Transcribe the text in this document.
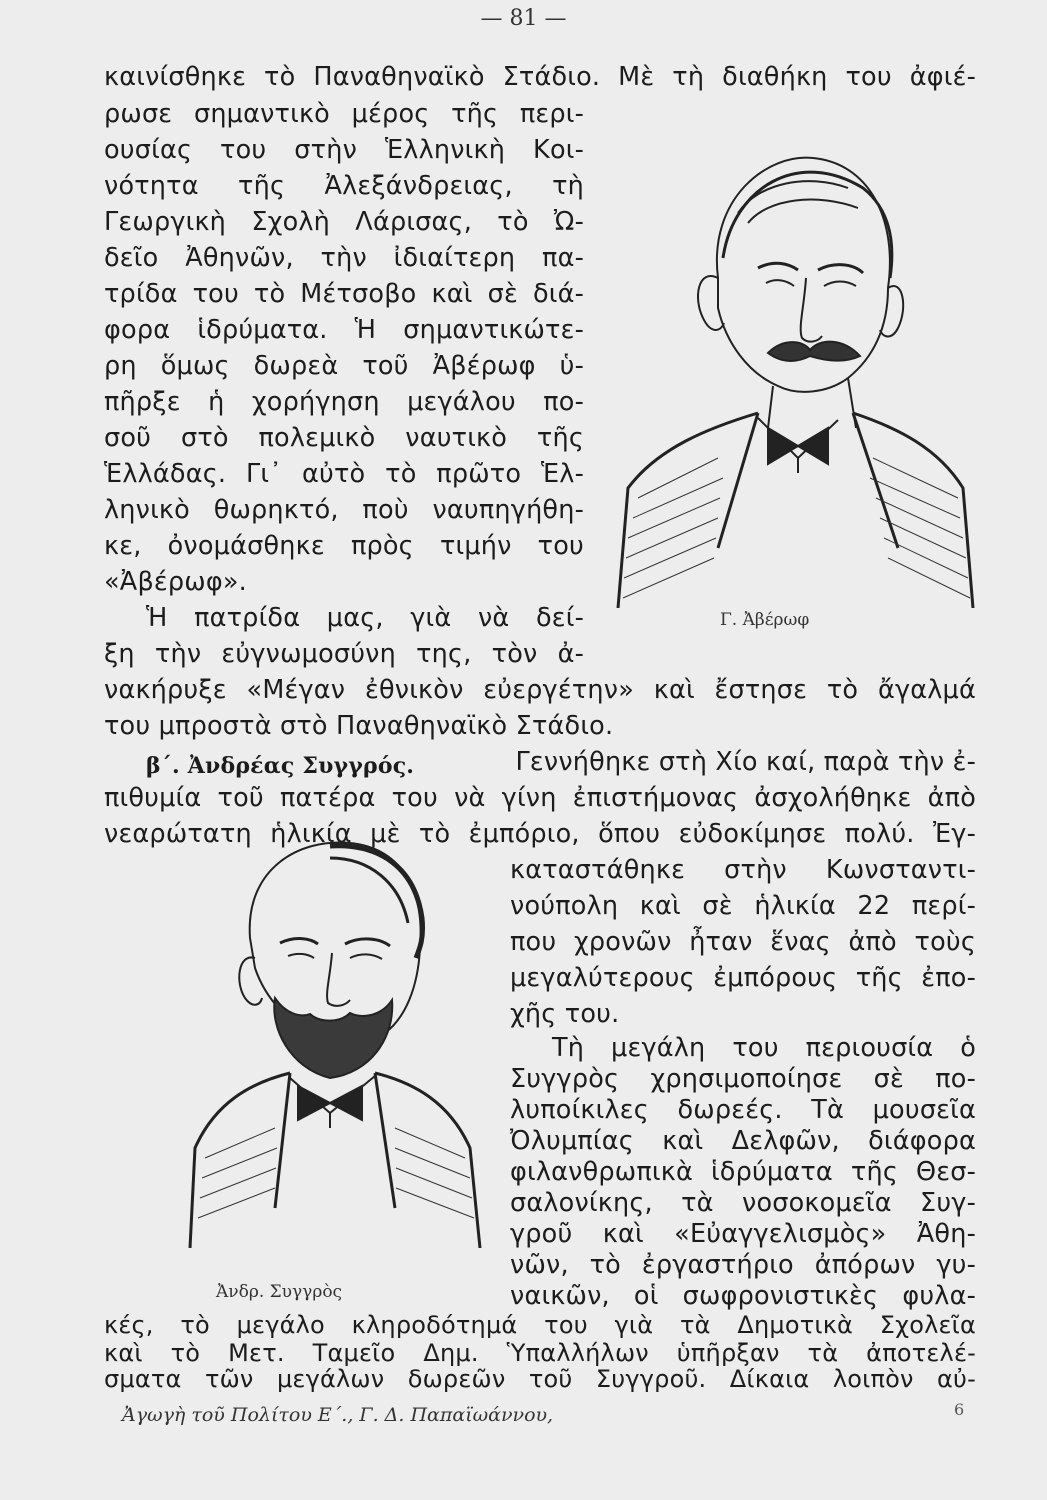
— 81 —
καινίσθηκε τὸ Παναθηναϊκὸ Στάδιο. Μὲ τὴ διαθήκη του ἀφιέ-
ρωσε σημαντικὸ μέρος τῆς περι-
ουσίας του στὴν Ἑλληνικὴ Κοι-
νότητα τῆς Ἀλεξάνδρειας, τὴ
Γεωργικὴ Σχολὴ Λάρισας, τὸ Ὠ-
δεῖο Ἀθηνῶν, τὴν ἰδιαίτερη πα-
τρίδα του τὸ Μέτσοβο καὶ σὲ διά-
φορα ἱδρύματα. Ἡ σημαντικώτε-
ρη ὅμως δωρεὰ τοῦ Ἀβέρωφ ὑ-
πῆρξε ἡ χορήγηση μεγάλου πο-
σοῦ στὸ πολεμικὸ ναυτικὸ τῆς
Ἑλλάδας. Γι᾿ αὐτὸ τὸ πρῶτο Ἑλ-
ληνικὸ θωρηκτό, ποὺ ναυπηγήθη-
κε, ὀνομάσθηκε πρὸς τιμήν του
«Ἀβέρωφ».
Ἡ πατρίδα μας, γιὰ νὰ δεί-
ξη τὴν εὐγνωμοσύνη της, τὸν ἀ-
νακήρυξε «Μέγαν ἐθνικὸν εὐεργέτην» καὶ ἔστησε τὸ ἄγαλμά
του μπροστὰ στὸ Παναθηναϊκὸ Στάδιο.
β΄. Ἀνδρέας Συγγρός.	Γεννήθηκε στὴ Χίο καί, παρὰ τὴν ἐ-
πιθυμία τοῦ πατέρα του νὰ γίνη ἐπιστήμονας ἀσχολήθηκε ἀπὸ
νεαρώτατη ἡλικία μὲ τὸ ἐμπόριο, ὅπου εὐδοκίμησε πολύ. Ἐγ-
καταστάθηκε στὴν Κωνσταντι-
νούπολη καὶ σὲ ἡλικία 22 περί-
που χρονῶν ἦταν ἕνας ἀπὸ τοὺς
μεγαλύτερους ἐμπόρους τῆς ἐπο-
χῆς του.
Τὴ μεγάλη του περιουσία ὁ
Συγγρὸς χρησιμοποίησε σὲ πο-
λυποίκιλες δωρεές. Τὰ μουσεῖα
Ὀλυμπίας καὶ Δελφῶν, διάφορα
φιλανθρωπικὰ ἱδρύματα τῆς Θεσ-
σαλονίκης, τὰ νοσοκομεῖα Συγ-
γροῦ καὶ «Εὐαγγελισμὸς» Ἀθη-
νῶν, τὸ ἐργαστήριο ἀπόρων γυ-
ναικῶν, οἱ σωφρονιστικὲς φυλα-
κές, τὸ μεγάλο κληροδότημά του γιὰ τὰ Δημοτικὰ Σχολεῖα
Γ. Ἀβέρωφ
Ἀνδρ. Συγγρὸς
Ἀγωγὴ τοῦ Πολίτου Ε΄., Γ. Δ. Παπαϊωάννου,	6
καὶ τὸ Μετ. Ταμεῖο Δημ. Ὑπαλλήλων ὑπῆρξαν τὰ ἀποτελέ-
σματα τῶν μεγάλων δωρεῶν τοῦ Συγγροῦ. Δίκαια λοιπὸν αὐ-
